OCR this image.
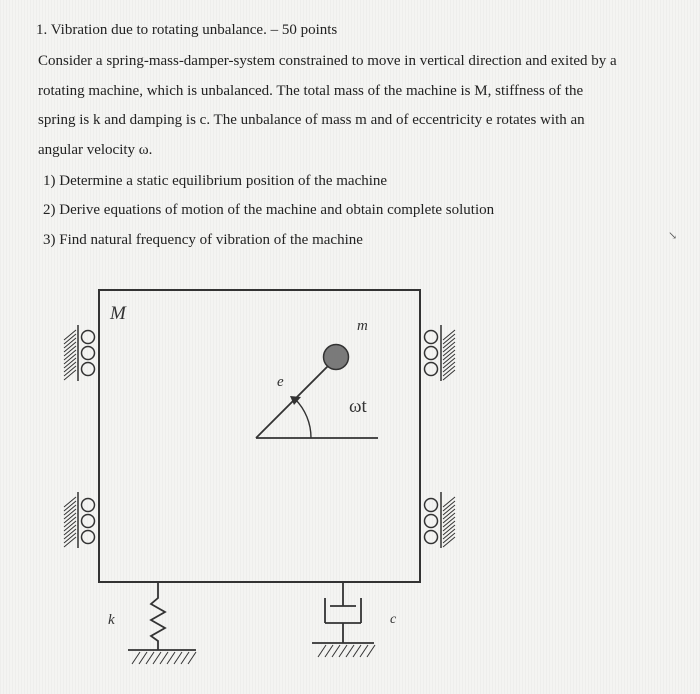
1. Vibration due to rotating unbalance. – 50 points
Consider a spring-mass-damper-system constrained to move in vertical direction and exited by a
rotating machine, which is unbalanced. The total mass of the machine is M, stiffness of the
spring is k and damping is c. The unbalance of mass m and of eccentricity e rotates with an
angular velocity ω.
1) Determine a static equilibrium position of the machine
2) Derive equations of motion of the machine and obtain complete solution
3) Find natural frequency of vibration of the machine	↘
M
m
e
ωt
k	c
